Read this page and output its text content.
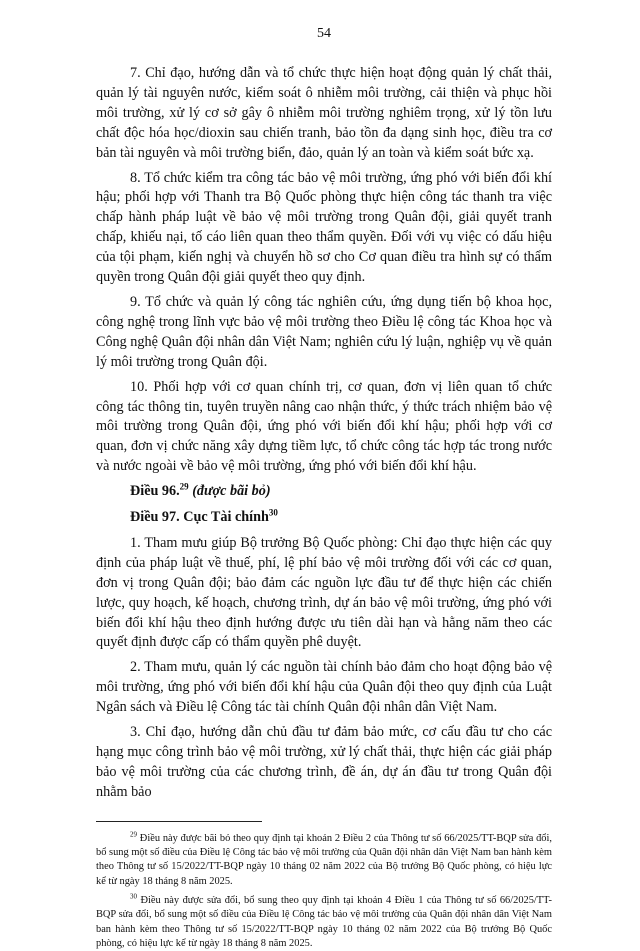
54

7. Chỉ đạo, hướng dẫn và tổ chức thực hiện hoạt động quản lý chất thải, quản lý tài nguyên nước, kiểm soát ô nhiễm môi trường, cải thiện và phục hồi môi trường, xử lý cơ sở gây ô nhiễm môi trường nghiêm trọng, xử lý tồn lưu chất độc hóa học/dioxin sau chiến tranh, bảo tồn đa dạng sinh học, điều tra cơ bản tài nguyên và môi trường biển, đảo, quản lý an toàn và kiểm soát bức xạ.

8. Tổ chức kiểm tra công tác bảo vệ môi trường, ứng phó với biến đổi khí hậu; phối hợp với Thanh tra Bộ Quốc phòng thực hiện công tác thanh tra việc chấp hành pháp luật về bảo vệ môi trường trong Quân đội, giải quyết tranh chấp, khiếu nại, tố cáo liên quan theo thẩm quyền. Đối với vụ việc có dấu hiệu của tội phạm, kiến nghị và chuyển hồ sơ cho Cơ quan điều tra hình sự có thẩm quyền trong Quân đội giải quyết theo quy định.

9. Tổ chức và quản lý công tác nghiên cứu, ứng dụng tiến bộ khoa học, công nghệ trong lĩnh vực bảo vệ môi trường theo Điều lệ công tác Khoa học và Công nghệ Quân đội nhân dân Việt Nam; nghiên cứu lý luận, nghiệp vụ về quản lý môi trường trong Quân đội.

10. Phối hợp với cơ quan chính trị, cơ quan, đơn vị liên quan tổ chức công tác thông tin, tuyên truyền nâng cao nhận thức, ý thức trách nhiệm bảo vệ môi trường trong Quân đội, ứng phó với biến đổi khí hậu; phối hợp với cơ quan, đơn vị chức năng xây dựng tiềm lực, tổ chức công tác hợp tác trong nước và nước ngoài về bảo vệ môi trường, ứng phó với biến đổi khí hậu.

Điều 96.29 (được bãi bỏ)
Điều 97. Cục Tài chính$^{30}$

1. Tham mưu giúp Bộ trưởng Bộ Quốc phòng: Chỉ đạo thực hiện các quy định của pháp luật về thuế, phí, lệ phí bảo vệ môi trường đối với các cơ quan, đơn vị trong Quân đội; bảo đảm các nguồn lực đầu tư để thực hiện các chiến lược, quy hoạch, kế hoạch, chương trình, dự án bảo vệ môi trường, ứng phó với biến đổi khí hậu theo định hướng được ưu tiên dài hạn và hằng năm theo các quyết định được cấp có thẩm quyền phê duyệt.

2. Tham mưu, quản lý các nguồn tài chính bảo đảm cho hoạt động bảo vệ môi trường, ứng phó với biến đổi khí hậu của Quân đội theo quy định của Luật Ngân sách và Điều lệ Công tác tài chính Quân đội nhân dân Việt Nam.

3. Chỉ đạo, hướng dẫn chủ đầu tư đảm bảo mức, cơ cấu đầu tư cho các hạng mục công trình bảo vệ môi trường, xử lý chất thải, thực hiện các giải pháp bảo vệ môi trường của các chương trình, đề án, dự án đầu tư trong Quân đội nhằm bảo

$^{29}$ Điều này được bãi bỏ theo quy định tại khoản 2 Điều 2 của Thông tư số 66/2025/TT-BQP sửa đổi, bổ sung một số điều của Điều lệ Công tác bảo vệ môi trường của Quân đội nhân dân Việt Nam ban hành kèm theo Thông tư số 15/2022/TT-BQP ngày 10 tháng 02 năm 2022 của Bộ trưởng Bộ Quốc phòng, có hiệu lực kể từ ngày 18 tháng 8 năm 2025.

$^{30}$ Điều này được sửa đổi, bổ sung theo quy định tại khoản 4 Điều 1 của Thông tư số 66/2025/TT-BQP sửa đổi, bổ sung một số điều của Điều lệ Công tác bảo vệ môi trường của Quân đội nhân dân Việt Nam ban hành kèm theo Thông tư số 15/2022/TT-BQP ngày 10 tháng 02 năm 2022 của Bộ trưởng Bộ Quốc phòng, có hiệu lực kể từ ngày 18 tháng 8 năm 2025.
